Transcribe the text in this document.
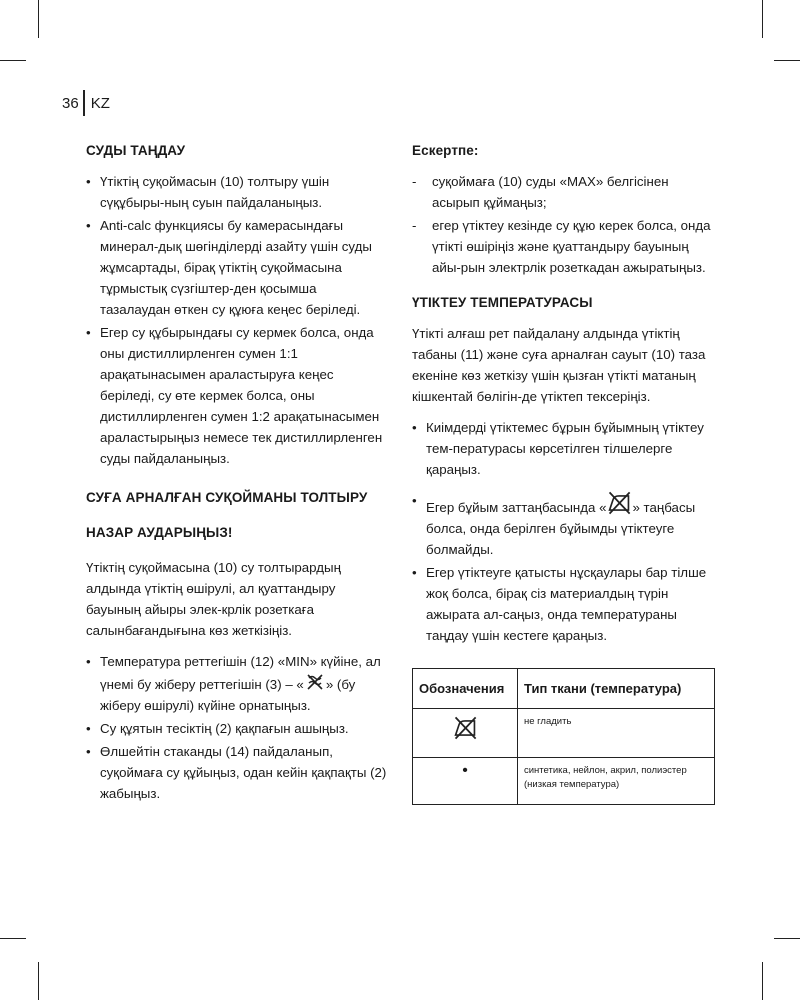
36 KZ
СУДЫ ТАҢДАУ
• Үтіктің суқоймасын (10) толтыру үшін сүқұбыры-ның суын пайдаланыңыз.
• Anti-calc функциясы бу камерасындағы минерал-дық шөгінділерді азайту үшін суды жұмсартады, бірақ үтіктің суқоймасына тұрмыстық сүзгіштер-ден қосымша тазалаудан өткен су құюға кеңес беріледі.
• Егер су құбырындағы су кермек болса, онда оны дистиллирленген сумен 1:1 арақатынасымен араластыруға кеңес беріледі, су өте кермек болса, оны дистиллирленген сумен 1:2 арақатынасымен араластырыңыз немесе тек дистиллирленген суды пайдаланыңыз.
СУҒА АРНАЛҒАН СУҚОЙМАНЫ ТОЛТЫРУ
НАЗАР АУДАРЫҢЫЗ!

Үтіктің суқоймасына (10) су толтырардың алдында үтіктің өшірулі, ал қуаттандыру бауының айыры элек-крлік розеткаға салынбағандығына көз жеткізіңіз.

• Температура реттегішін (12) «MIN» күйіне, ал үнемі бу жіберу реттегішін (3) – « » (бу жіберу өшірулі) күйіне орнатыңыз.
• Су құятын тесіктің (2) қақпағын ашыңыз.
• Өлшейтін стаканды (14) пайдаланып, суқоймаға су құйыңыз, одан кейін қақпақты (2) жабыңыз.
Ескертпе:
- суқоймаға (10) суды «MAX» белгісінен асырып құймаңыз;
- егер үтіктеу кезінде су құю керек болса, онда үтікті өшіріңіз және қуаттандыру бауының айы-рын электрлік розеткадан ажыратыңыз.
ҮТІКТЕУ ТЕМПЕРАТУРАСЫ

Үтікті алғаш рет пайдалану алдында үтіктің табаны (11) және суға арналған сауыт (10) таза екеніне көз жеткізу үшін қызған үтікті матаның кішкентай бөлігін-де үтіктеп тексеріңіз.

• Киімдерді үтіктемес бұрын бұйымның үтіктеу тем-пературасы көрсетілген тілшелерге қараңыз.
• Егер бұйым заттаңбасында « » таңбасы болса, онда берілген бұйымды үтіктеуге болмайды.
• Егер үтіктеуге қатысты нұсқаулары бар тілше жоқ болса, бірақ сіз материалдың түрін ажырата ал-саңыз, онда температураны таңдау үшін кестеге қараңыз.
Обозначения	Тип ткани (температура)
	не гладить
•	синтетика, нейлон, акрил, полиэстер (низкая температура)
